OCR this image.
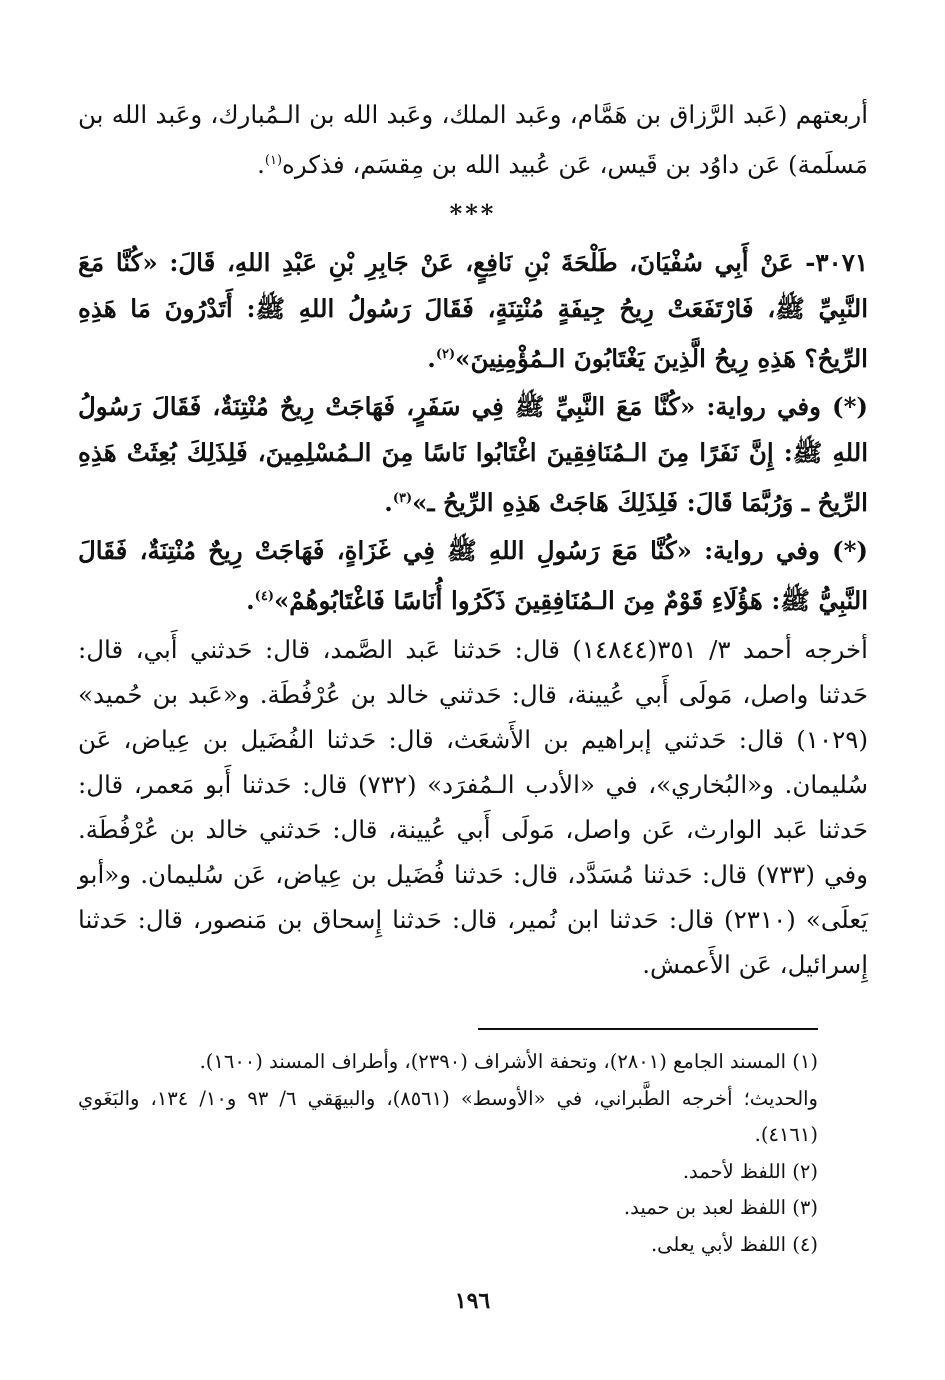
أربعتهم (عَبد الرَّزاق بن هَمَّام، وعَبد الملك، وعَبد الله بن الـمُبارك، وعَبد الله بن مَسلَمة) عَن داوُد بن قَيس، عَن عُبيد الله بن مِقسَم، فذكره$^{(١)}$.

***

٣٠٧١- عَنْ أَبِي سُفْيَانَ، طَلْحَةَ بْنِ نَافِعٍ، عَنْ جَابِرِ بْنِ عَبْدِ اللهِ، قَالَ: «كُنَّا مَعَ النَّبِيِّ ﷺ، فَارْتَفَعَتْ رِيحُ جِيفَةٍ مُنْتِنَةٍ، فَقَالَ رَسُولُ اللهِ ﷺ: أَتَدْرُونَ مَا هَذِهِ الرِّيحُ؟ هَذِهِ رِيحُ الَّذِينَ يَغْتَابُونَ الـمُؤْمِنِينَ»$^{(٢)}$.

(*) وفي رواية: «كُنَّا مَعَ النَّبِيِّ ﷺ فِي سَفَرٍ، فَهَاجَتْ رِيحٌ مُنْتِنَةٌ، فَقَالَ رَسُولُ اللهِ ﷺ: إِنَّ نَفَرًا مِنَ الـمُنَافِقِينَ اغْتَابُوا نَاسًا مِنَ الـمُسْلِمِينَ، فَلِذَلِكَ بُعِثَتْ هَذِهِ الرِّيحُ ـ وَرُبَّمَا قَالَ: فَلِذَلِكَ هَاجَتْ هَذِهِ الرِّيحُ ـ»$^{(٣)}$.

(*) وفي رواية: «كُنَّا مَعَ رَسُولِ اللهِ ﷺ فِي غَزَاةٍ، فَهَاجَتْ رِيحٌ مُنْتِنَةٌ، فَقَالَ النَّبِيُّ ﷺ: هَؤُلَاءِ قَوْمٌ مِنَ الـمُنَافِقِينَ ذَكَرُوا أُنَاسًا فَاغْتَابُوهُمْ»$^{(٤)}$.

أخرجه أحمد ٣/ ٣٥١(١٤٨٤٤) قال: حَدثنا عَبد الصَّمد، قال: حَدثني أَبي، قال: حَدثنا واصل، مَولَى أَبي عُيينة، قال: حَدثني خالد بن عُرْفُطَة. و«عَبد بن حُميد» (١٠٢٩) قال: حَدثني إبراهيم بن الأَشعَث، قال: حَدثنا الفُضَيل بن عِياض، عَن سُليمان. و«البُخاري»، في «الأدب الـمُفرَد» (٧٣٢) قال: حَدثنا أَبو مَعمر، قال: حَدثنا عَبد الوارث، عَن واصل، مَولَى أَبي عُيينة، قال: حَدثني خالد بن عُرْفُطَة. وفي (٧٣٣) قال: حَدثنا مُسَدَّد، قال: حَدثنا فُضَيل بن عِياض، عَن سُليمان. و«أبو يَعلَى» (٢٣١٠) قال: حَدثنا ابن نُمير، قال: حَدثنا إِسحاق بن مَنصور، قال: حَدثنا إِسرائيل، عَن الأَعمش.

(١) المسند الجامع (٢٨٠١)، وتحفة الأشراف (٢٣٩٠)، وأطراف المسند (١٦٠٠).

والحديث؛ أخرجه الطَّبراني، في «الأوسط» (٨٥٦١)، والبيهَقي ٦/ ٩٣ و١٠/ ١٣٤، والبَغَوي (٤١٦١).

(٢) اللفظ لأحمد.

(٣) اللفظ لعبد بن حميد.

(٤) اللفظ لأبي يعلى.

١٩٦
